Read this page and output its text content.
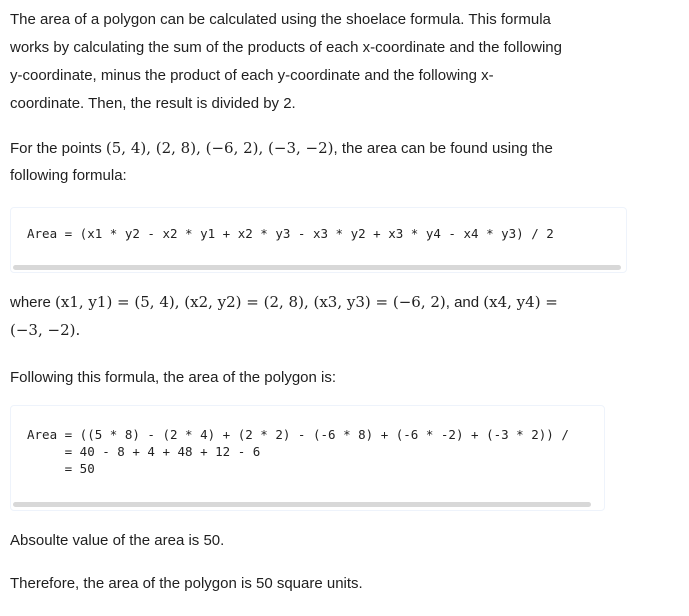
The area of a polygon can be calculated using the shoelace formula. This formula
works by calculating the sum of the products of each x-coordinate and the following
y-coordinate, minus the product of each y-coordinate and the following x-
coordinate. Then, the result is divided by 2.
For the points (5, 4), (2, 8), (−6, 2), (−3, −2), the area can be found using the
following formula:
Area = (x1 * y2 - x2 * y1 + x2 * y3 - x3 * y2 + x3 * y4 - x4 * y3) / 2
where (x1, y1) = (5, 4), (x2, y2) = (2, 8), (x3, y3) = (−6, 2), and (x4, y4) =
(−3, −2).
Following this formula, the area of the polygon is:
Area = ((5 * 8) - (2 * 4) + (2 * 2) - (-6 * 8) + (-6 * -2) + (-3 * 2)) /
= 40 - 8 + 4 + 48 + 12 - 6
= 50
Absoulte value of the area is 50.
Therefore, the area of the polygon is 50 square units.
